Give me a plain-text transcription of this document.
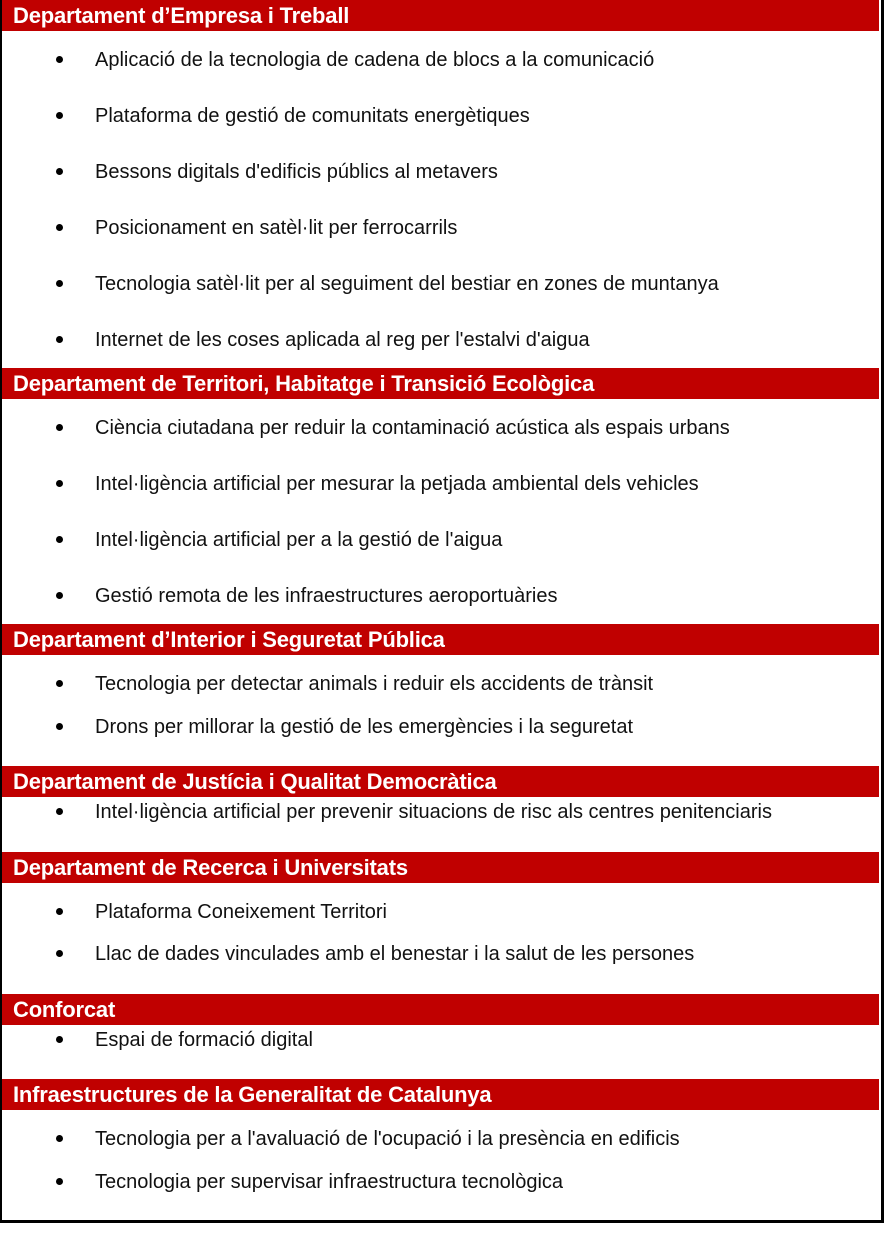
Departament d’Empresa i Treball
Aplicació de la tecnologia de cadena de blocs a la comunicació
Plataforma de gestió de comunitats energètiques
Bessons digitals d'edificis públics al metavers
Posicionament en satèl·lit per ferrocarrils
Tecnologia satèl·lit per al seguiment del bestiar en zones de muntanya
Internet de les coses aplicada al reg per l'estalvi d'aigua
Departament de Territori, Habitatge i Transició Ecològica
Ciència ciutadana per reduir la contaminació acústica als espais urbans
Intel·ligència artificial per mesurar la petjada ambiental dels vehicles
Intel·ligència artificial per a la gestió de l'aigua
Gestió remota de les infraestructures aeroportuàries
Departament d’Interior i Seguretat Pública
Tecnologia per detectar animals i reduir els accidents de trànsit
Drons per millorar la gestió de les emergències i la seguretat
Departament de Justícia i Qualitat Democràtica
Intel·ligència artificial per prevenir situacions de risc als centres penitenciaris
Departament de Recerca i Universitats
Plataforma Coneixement Territori
Llac de dades vinculades amb el benestar i la salut de les persones
Conforcat
Espai de formació digital
Infraestructures de la Generalitat de Catalunya
Tecnologia per a l'avaluació de l'ocupació i la presència en edificis
Tecnologia per supervisar infraestructura tecnològica
